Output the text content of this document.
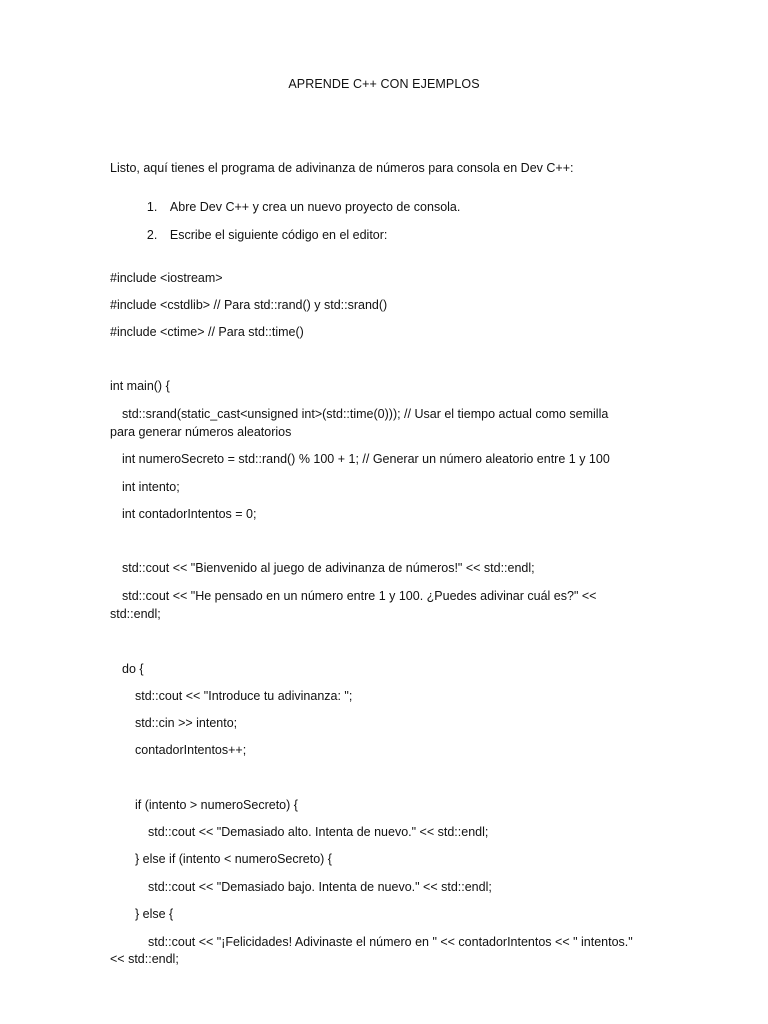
APRENDE C++ CON EJEMPLOS
Listo, aquí tienes el programa de adivinanza de números para consola en Dev C++:

1. Abre Dev C++ y crea un nuevo proyecto de consola.

2. Escribe el siguiente código en el editor:

#include <iostream>
#include <cstdlib> // Para std::rand() y std::srand()
#include <ctime> // Para std::time()
int main() {
std::srand(static_cast<unsigned int>(std::time(0))); // Usar el tiempo actual como semilla
para generar números aleatorios
int numeroSecreto = std::rand() % 100 + 1; // Generar un número aleatorio entre 1 y 100
int intento;
int contadorIntentos = 0;
std::cout << "Bienvenido al juego de adivinanza de números!" << std::endl;
std::cout << "He pensado en un número entre 1 y 100. ¿Puedes adivinar cuál es?" <<
std::endl;
do {
std::cout << "Introduce tu adivinanza: ";
std::cin >> intento;
contadorIntentos++;
if (intento > numeroSecreto) {
std::cout << "Demasiado alto. Intenta de nuevo." << std::endl;
} else if (intento < numeroSecreto) {
std::cout << "Demasiado bajo. Intenta de nuevo." << std::endl;
} else {
std::cout << "¡Felicidades! Adivinaste el número en " << contadorIntentos << " intentos."
<< std::endl;
